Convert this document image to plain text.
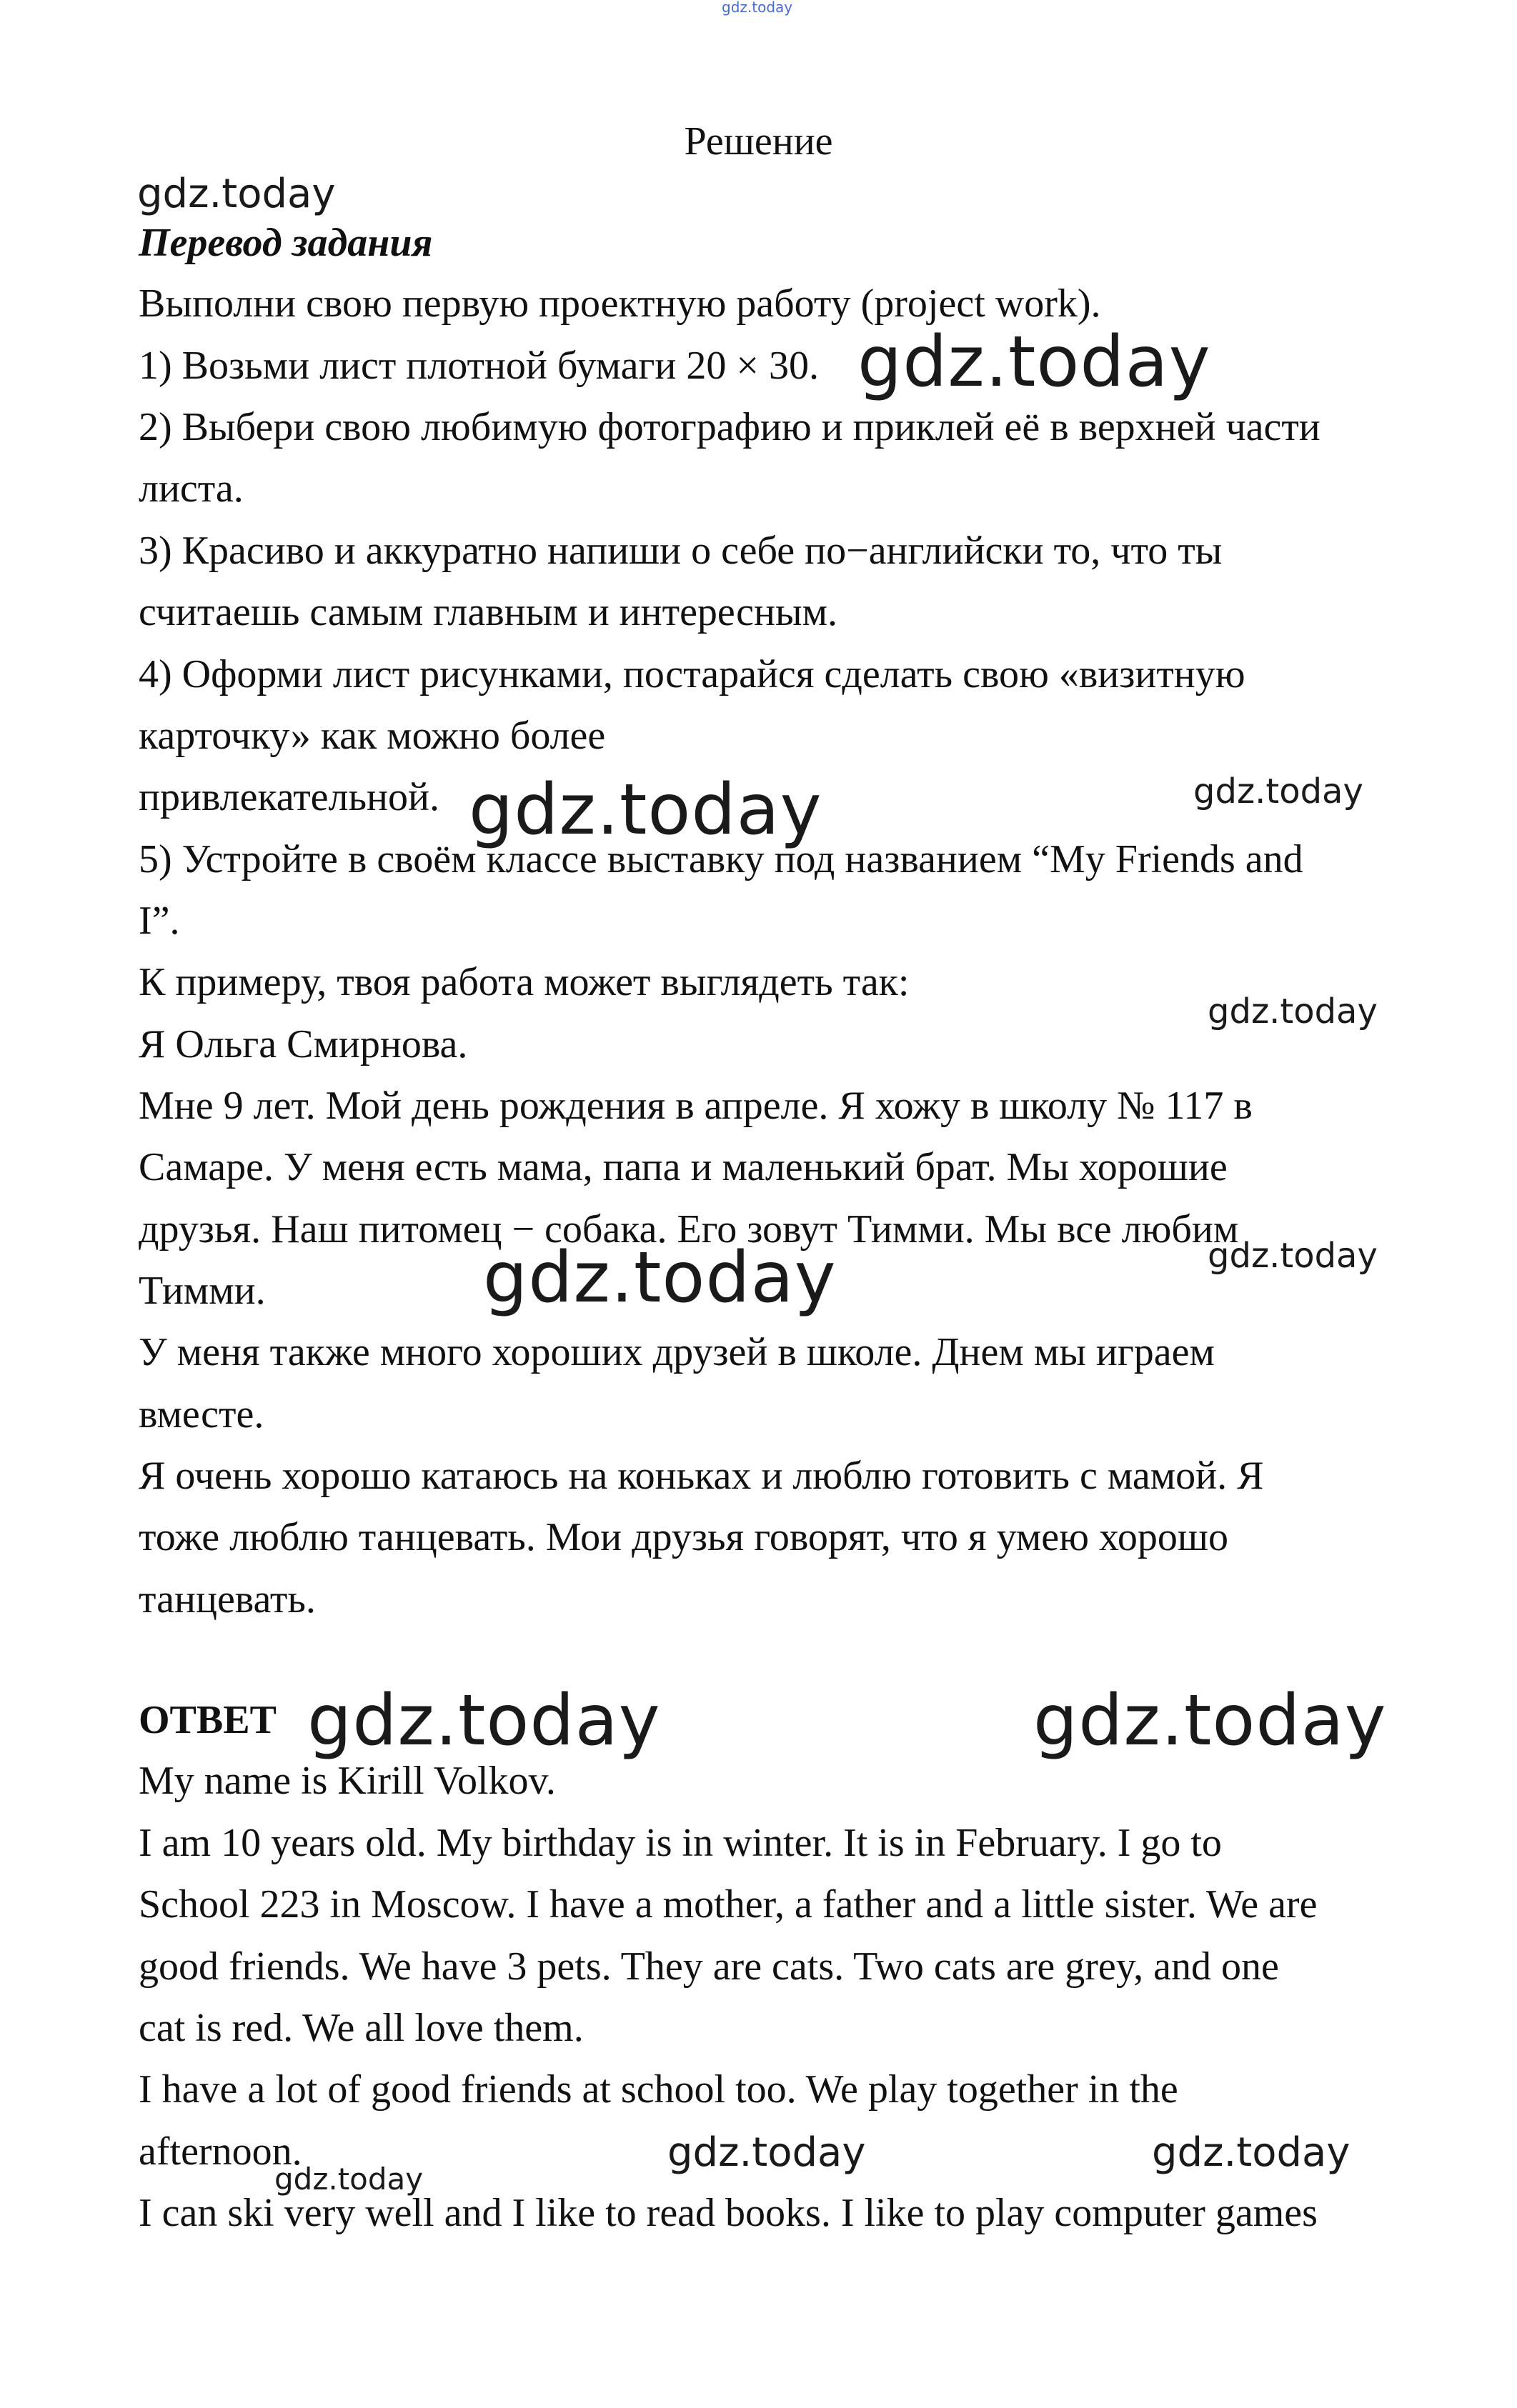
gdz.today
Решение
gdz.today
Перевод задания
Выполни свою первую проектную работу (project work).
1) Возьми лист плотной бумаги 20 × 30.
2) Выбери свою любимую фотографию и приклей её в верхней части
листа.
3) Красиво и аккуратно напиши о себе по−английски то, что ты
считаешь самым главным и интересным.
4) Оформи лист рисунками, постарайся сделать свою «визитную
карточку» как можно более
привлекательной.
5) Устройте в своём классе выставку под названием “My Friends and
I”.
К примеру, твоя работа может выглядеть так:
Я Ольга Смирнова.
Мне 9 лет. Мой день рождения в апреле. Я хожу в школу № 117 в
Самаре. У меня есть мама, папа и маленький брат. Мы хорошие
друзья. Наш питомец − собака. Его зовут Тимми. Мы все любим
Тимми.
У меня также много хороших друзей в школе. Днем мы играем
вместе.
Я очень хорошо катаюсь на коньках и люблю готовить с мамой. Я
тоже люблю танцевать. Мои друзья говорят, что я умею хорошо
танцевать.
ОТВЕТ
My name is Kirill Volkov.
I am 10 years old. My birthday is in winter. It is in February. I go to
School 223 in Moscow. I have a mother, a father and a little sister. We are
good friends. We have 3 pets. They are cats. Two cats are grey, and one
cat is red. We all love them.
I have a lot of good friends at school too. We play together in the
afternoon.
I can ski very well and I like to read books. I like to play computer games
gdz.today
gdz.today	gdz.today
gdz.today
gdz.today
gdz.today
gdz.today	gdz.today
gdz.today	gdz.today
gdz.today
